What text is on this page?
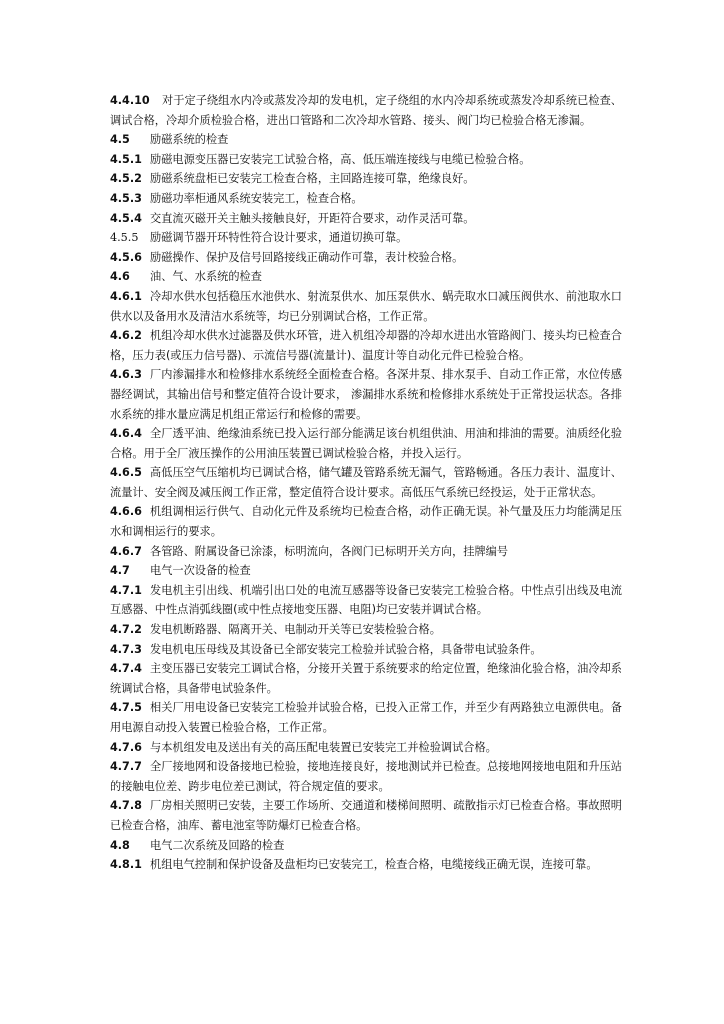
4.4.10 对于定子绕组水内冷或蒸发冷却的发电机，定子绕组的水内冷却系统或蒸发冷却系统已检查、调试合格，冷却介质检验合格，进出口管路和二次冷却水管路、接头、阀门均已检验合格无渗漏。

4.5 励磁系统的检查

4.5.1 励磁电源变压器已安装完工试验合格，高、低压端连接线与电缆已检验合格。

4.5.2 励磁系统盘柜已安装完工检查合格，主回路连接可靠，绝缘良好。

4.5.3 励磁功率柜通风系统安装完工，检查合格。

4.5.4 交直流灭磁开关主触头接触良好，开距符合要求，动作灵活可靠。

4.5.5 励磁调节器开环特性符合设计要求，通道切换可靠。

4.5.6 励磁操作、保护及信号回路接线正确动作可靠，表计校验合格。

4.6 油、气、水系统的检查

4.6.1 冷却水供水包括稳压水池供水、射流泵供水、加压泵供水、蜗壳取水口减压阀供水、前池取水口供水以及备用水及清洁水系统等，均已分别调试合格，工作正常。

4.6.2 机组冷却水供水过滤器及供水环管，进入机组冷却器的冷却水进出水管路阀门、接头均已检查合格，压力表(或压力信号器)、示流信号器(流量计)、温度计等自动化元件已检验合格。

4.6.3 厂内渗漏排水和检修排水系统经全面检查合格。各深井泵、排水泵手、自动工作正常，水位传感器经调试，其输出信号和整定值符合设计要求， 渗漏排水系统和检修排水系统处于正常投运状态。各排水系统的排水量应满足机组正常运行和检修的需要。

4.6.4 全厂透平油、绝缘油系统已投入运行部分能满足该台机组供油、用油和排油的需要。油质经化验合格。用于全厂液压操作的公用油压装置已调试检验合格，并投入运行。

4.6.5 高低压空气压缩机均已调试合格，储气罐及管路系统无漏气，管路畅通。各压力表计、温度计、流量计、安全阀及减压阀工作正常，整定值符合设计要求。高低压气系统已经投运，处于正常状态。

4.6.6 机组调相运行供气、自动化元件及系统均已检查合格，动作正确无误。补气量及压力均能满足压水和调相运行的要求。

4.6.7 各管路、附属设备已涂漆，标明流向，各阀门已标明开关方向，挂牌编号

4.7 电气一次设备的检查

4.7.1 发电机主引出线、机端引出口处的电流互感器等设备已安装完工检验合格。中性点引出线及电流互感器、中性点消弧线圈(或中性点接地变压器、电阻)均已安装并调试合格。

4.7.2 发电机断路器、隔离开关、电制动开关等已安装检验合格。

4.7.3 发电机电压母线及其设备已全部安装完工检验并试验合格，具备带电试验条件。

4.7.4 主变压器已安装完工调试合格，分接开关置于系统要求的给定位置，绝缘油化验合格，油冷却系统调试合格，具备带电试验条件。

4.7.5 相关厂用电设备已安装完工检验并试验合格，已投入正常工作，并至少有两路独立电源供电。备用电源自动投入装置已检验合格，工作正常。

4.7.6 与本机组发电及送出有关的高压配电装置已安装完工并检验调试合格。

4.7.7 全厂接地网和设备接地已检验，接地连接良好，接地测试并已检查。总接地网接地电阻和升压站的接触电位差、跨步电位差已测试，符合规定值的要求。

4.7.8 厂房相关照明已安装，主要工作场所、交通道和楼梯间照明、疏散指示灯已检查合格。事故照明已检查合格，油库、蓄电池室等防爆灯已检查合格。

4.8 电气二次系统及回路的检查

4.8.1 机组电气控制和保护设备及盘柜均已安装完工，检查合格，电缆接线正确无误，连接可靠。
